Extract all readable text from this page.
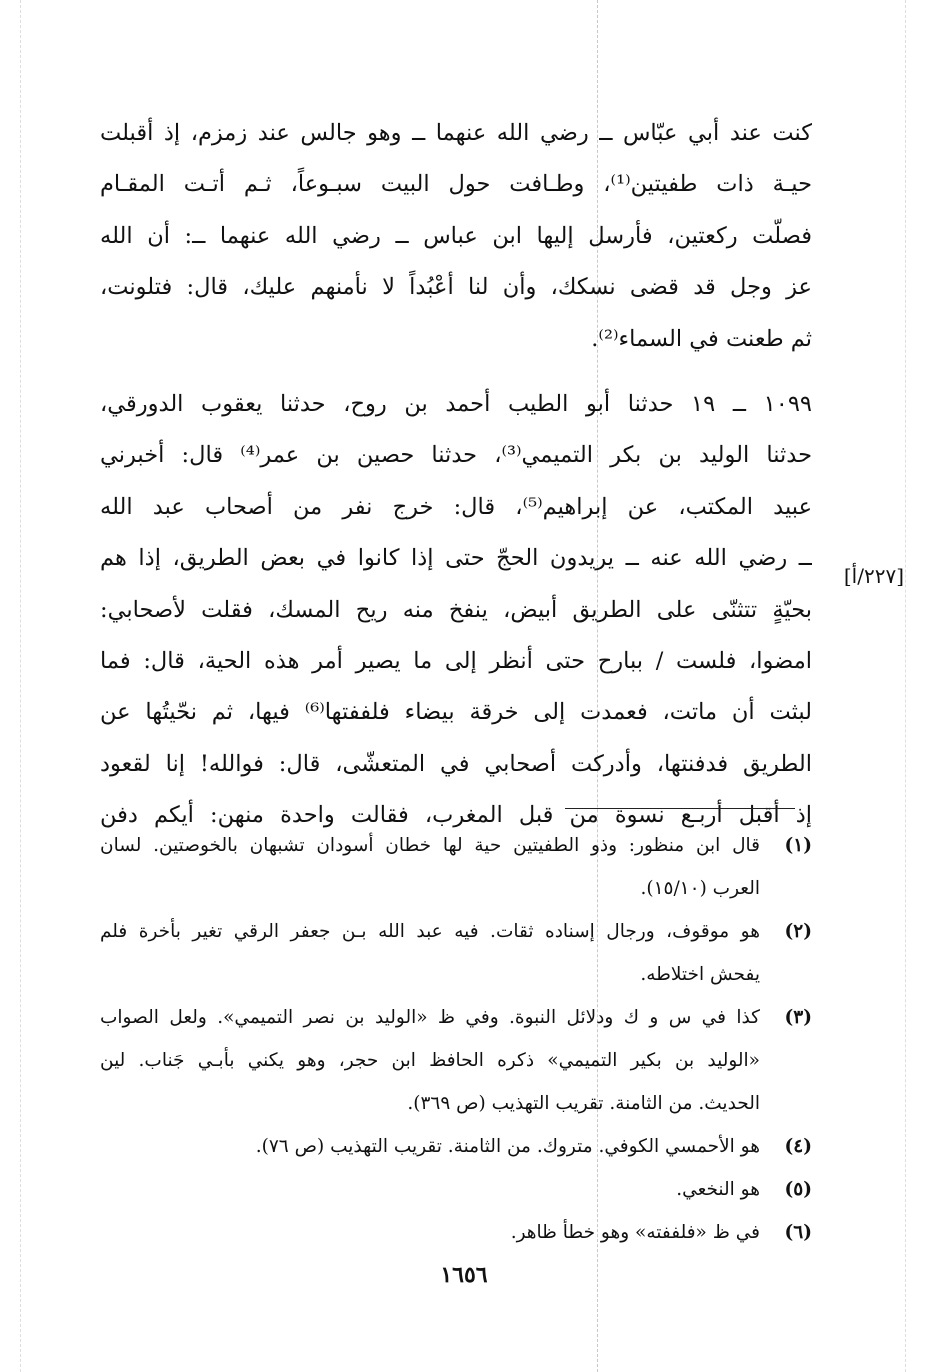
كنت عند أبي عبّاس ــ رضي الله عنهما ــ وهو جالس عند زمزم، إذ أقبلت
حيـة ذات طفيتين⁽¹⁾، وطـافت حول البيت سبـوعاً، ثـم أتـت المقـام
فصلّت ركعتين، فأرسل إليها ابن عباس ــ رضي الله عنهما ــ: أن الله
عز وجل قد قضى نسكك، وأن لنا أعْبُداً لا نأمنهم عليك، قال: فتلونت،
ثم طعنت في السماء⁽²⁾.
١٠٩٩ ــ ١٩ حدثنا أبو الطيب أحمد بن روح، حدثنا يعقوب الدورقي،
حدثنا الوليد بن بكر التميمي⁽³⁾، حدثنا حصين بن عمر⁽⁴⁾ قال: أخبرني
عبيد المكتب، عن إبراهيم⁽⁵⁾، قال: خرج نفر من أصحاب عبد الله
ــ رضي الله عنه ــ يريدون الحجّ حتى إذا كانوا في بعض الطريق، إذا هم
بحيّةٍ تتثنّى على الطريق أبيض، ينفخ منه ريح المسك، فقلت لأصحابي:
امضوا، فلست / ببارح حتى أنظر إلى ما يصير أمر هذه الحية، قال: فما
لبثت أن ماتت، فعمدت إلى خرقة بيضاء فلففتها⁽⁶⁾ فيها، ثم نحّيتُها عن
الطريق فدفنتها، وأدركت أصحابي في المتعشّى، قال: فوالله! إنا لقعود
إذ أقبل أربـع نسوة من قبل المغرب، فقالت واحدة منهن: أيكم دفن
[٢٢٧/أ]
(١)
قال ابن منظور: وذو الطفيتين حية لها خطان أسودان تشبهان بالخوصتين. لسان
العرب (١٥/١٠).
(٢)
هو موقوف، ورجال إسناده ثقات. فيه عبد الله بـن جعفر الرقي تغير بأخرة فلم
يفحش اختلاطه.
(٣)
كذا في س و ك ودلائل النبوة. وفي ظ «الوليد بن نصر التميمي». ولعل الصواب
«الوليد بن بكير التميمي» ذكره الحافظ ابن حجر، وهو يكني بأبـي جَناب. لين
الحديث. من الثامنة. تقريب التهذيب (ص ٣٦٩).
(٤)
هو الأحمسي الكوفي. متروك. من الثامنة. تقريب التهذيب (ص ٧٦).
(٥)
هو النخعي.
(٦)
في ظ «فلففته» وهو خطأ ظاهر.
١٦٥٦
